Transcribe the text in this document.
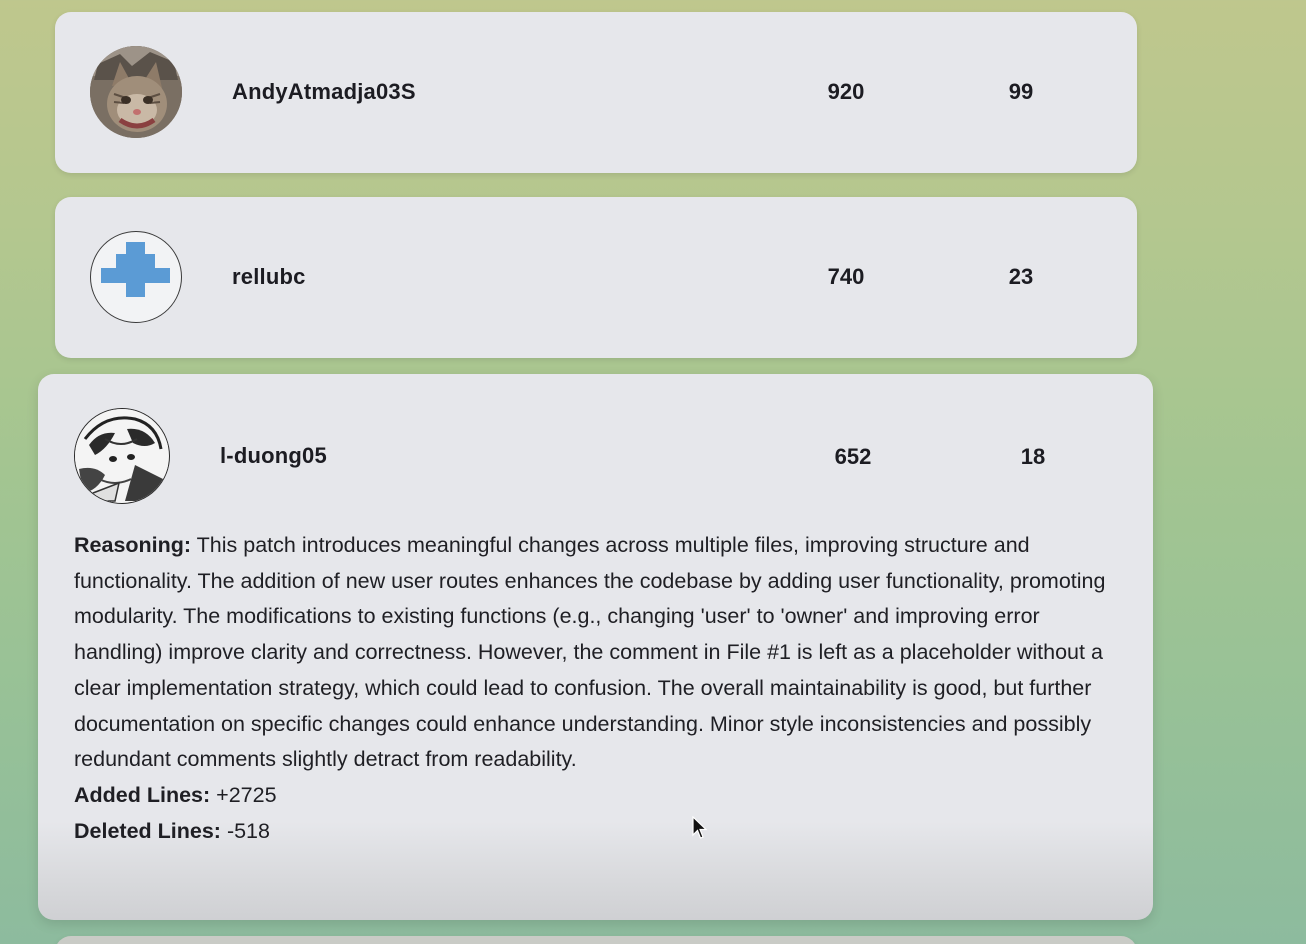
AndyAtmadja03S	920	99
rellubc	740	23
l-duong05	652	18

Reasoning: This patch introduces meaningful changes across multiple files, improving structure and functionality. The addition of new user routes enhances the codebase by adding user functionality, promoting modularity. The modifications to existing functions (e.g., changing 'user' to 'owner' and improving error handling) improve clarity and correctness. However, the comment in File #1 is left as a placeholder without a clear implementation strategy, which could lead to confusion. The overall maintainability is good, but further documentation on specific changes could enhance understanding. Minor style inconsistencies and possibly redundant comments slightly detract from readability.

Added Lines: +2725

Deleted Lines: -518
